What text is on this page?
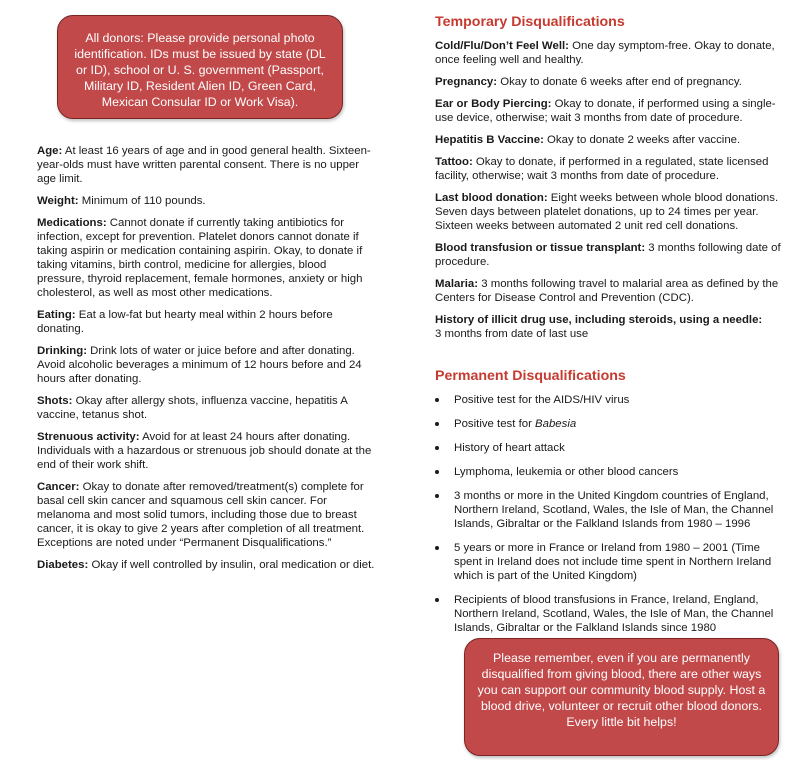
All donors: Please provide personal photo identification. IDs must be issued by state (DL or ID), school or U. S. government (Passport, Military ID, Resident Alien ID, Green Card, Mexican Consular ID or Work Visa).

Age: At least 16 years of age and in good general health. Sixteen-year-olds must have written parental consent. There is no upper age limit.

Weight: Minimum of 110 pounds.

Medications: Cannot donate if currently taking antibiotics for infection, except for prevention. Platelet donors cannot donate if taking aspirin or medication containing aspirin. Okay, to donate if taking vitamins, birth control, medicine for allergies, blood pressure, thyroid replacement, female hormones, anxiety or high cholesterol, as well as most other medications.

Eating: Eat a low-fat but hearty meal within 2 hours before donating.

Drinking: Drink lots of water or juice before and after donating. Avoid alcoholic beverages a minimum of 12 hours before and 24 hours after donating.

Shots: Okay after allergy shots, influenza vaccine, hepatitis A vaccine, tetanus shot.

Strenuous activity: Avoid for at least 24 hours after donating. Individuals with a hazardous or strenuous job should donate at the end of their work shift.

Cancer: Okay to donate after removed/treatment(s) complete for basal cell skin cancer and squamous cell skin cancer. For melanoma and most solid tumors, including those due to breast cancer, it is okay to give 2 years after completion of all treatment. Exceptions are noted under “Permanent Disqualifications.”

Diabetes: Okay if well controlled by insulin, oral medication or diet.

Temporary Disqualifications

Cold/Flu/Don’t Feel Well: One day symptom-free. Okay to donate, once feeling well and healthy.

Pregnancy: Okay to donate 6 weeks after end of pregnancy.

Ear or Body Piercing: Okay to donate, if performed using a single-use device, otherwise; wait 3 months from date of procedure.

Hepatitis B Vaccine: Okay to donate 2 weeks after vaccine.

Tattoo: Okay to donate, if performed in a regulated, state licensed facility, otherwise; wait 3 months from date of procedure.

Last blood donation: Eight weeks between whole blood donations. Seven days between platelet donations, up to 24 times per year. Sixteen weeks between automated 2 unit red cell donations.

Blood transfusion or tissue transplant: 3 months following date of procedure.

Malaria: 3 months following travel to malarial area as defined by the Centers for Disease Control and Prevention (CDC).

History of illicit drug use, including steroids, using a needle:
3 months from date of last use

Permanent Disqualifications
Positive test for the AIDS/HIV virus
Positive test for Babesia
History of heart attack
Lymphoma, leukemia or other blood cancers
3 months or more in the United Kingdom countries of England, Northern Ireland, Scotland, Wales, the Isle of Man, the Channel Islands, Gibraltar or the Falkland Islands from 1980 – 1996
5 years or more in France or Ireland from 1980 – 2001 (Time spent in Ireland does not include time spent in Northern Ireland which is part of the United Kingdom)
Recipients of blood transfusions in France, Ireland, England, Northern Ireland, Scotland, Wales, the Isle of Man, the Channel Islands, Gibraltar or the Falkland Islands since 1980
Please remember, even if you are permanently disqualified from giving blood, there are other ways you can support our community blood supply. Host a blood drive, volunteer or recruit other blood donors. Every little bit helps!
